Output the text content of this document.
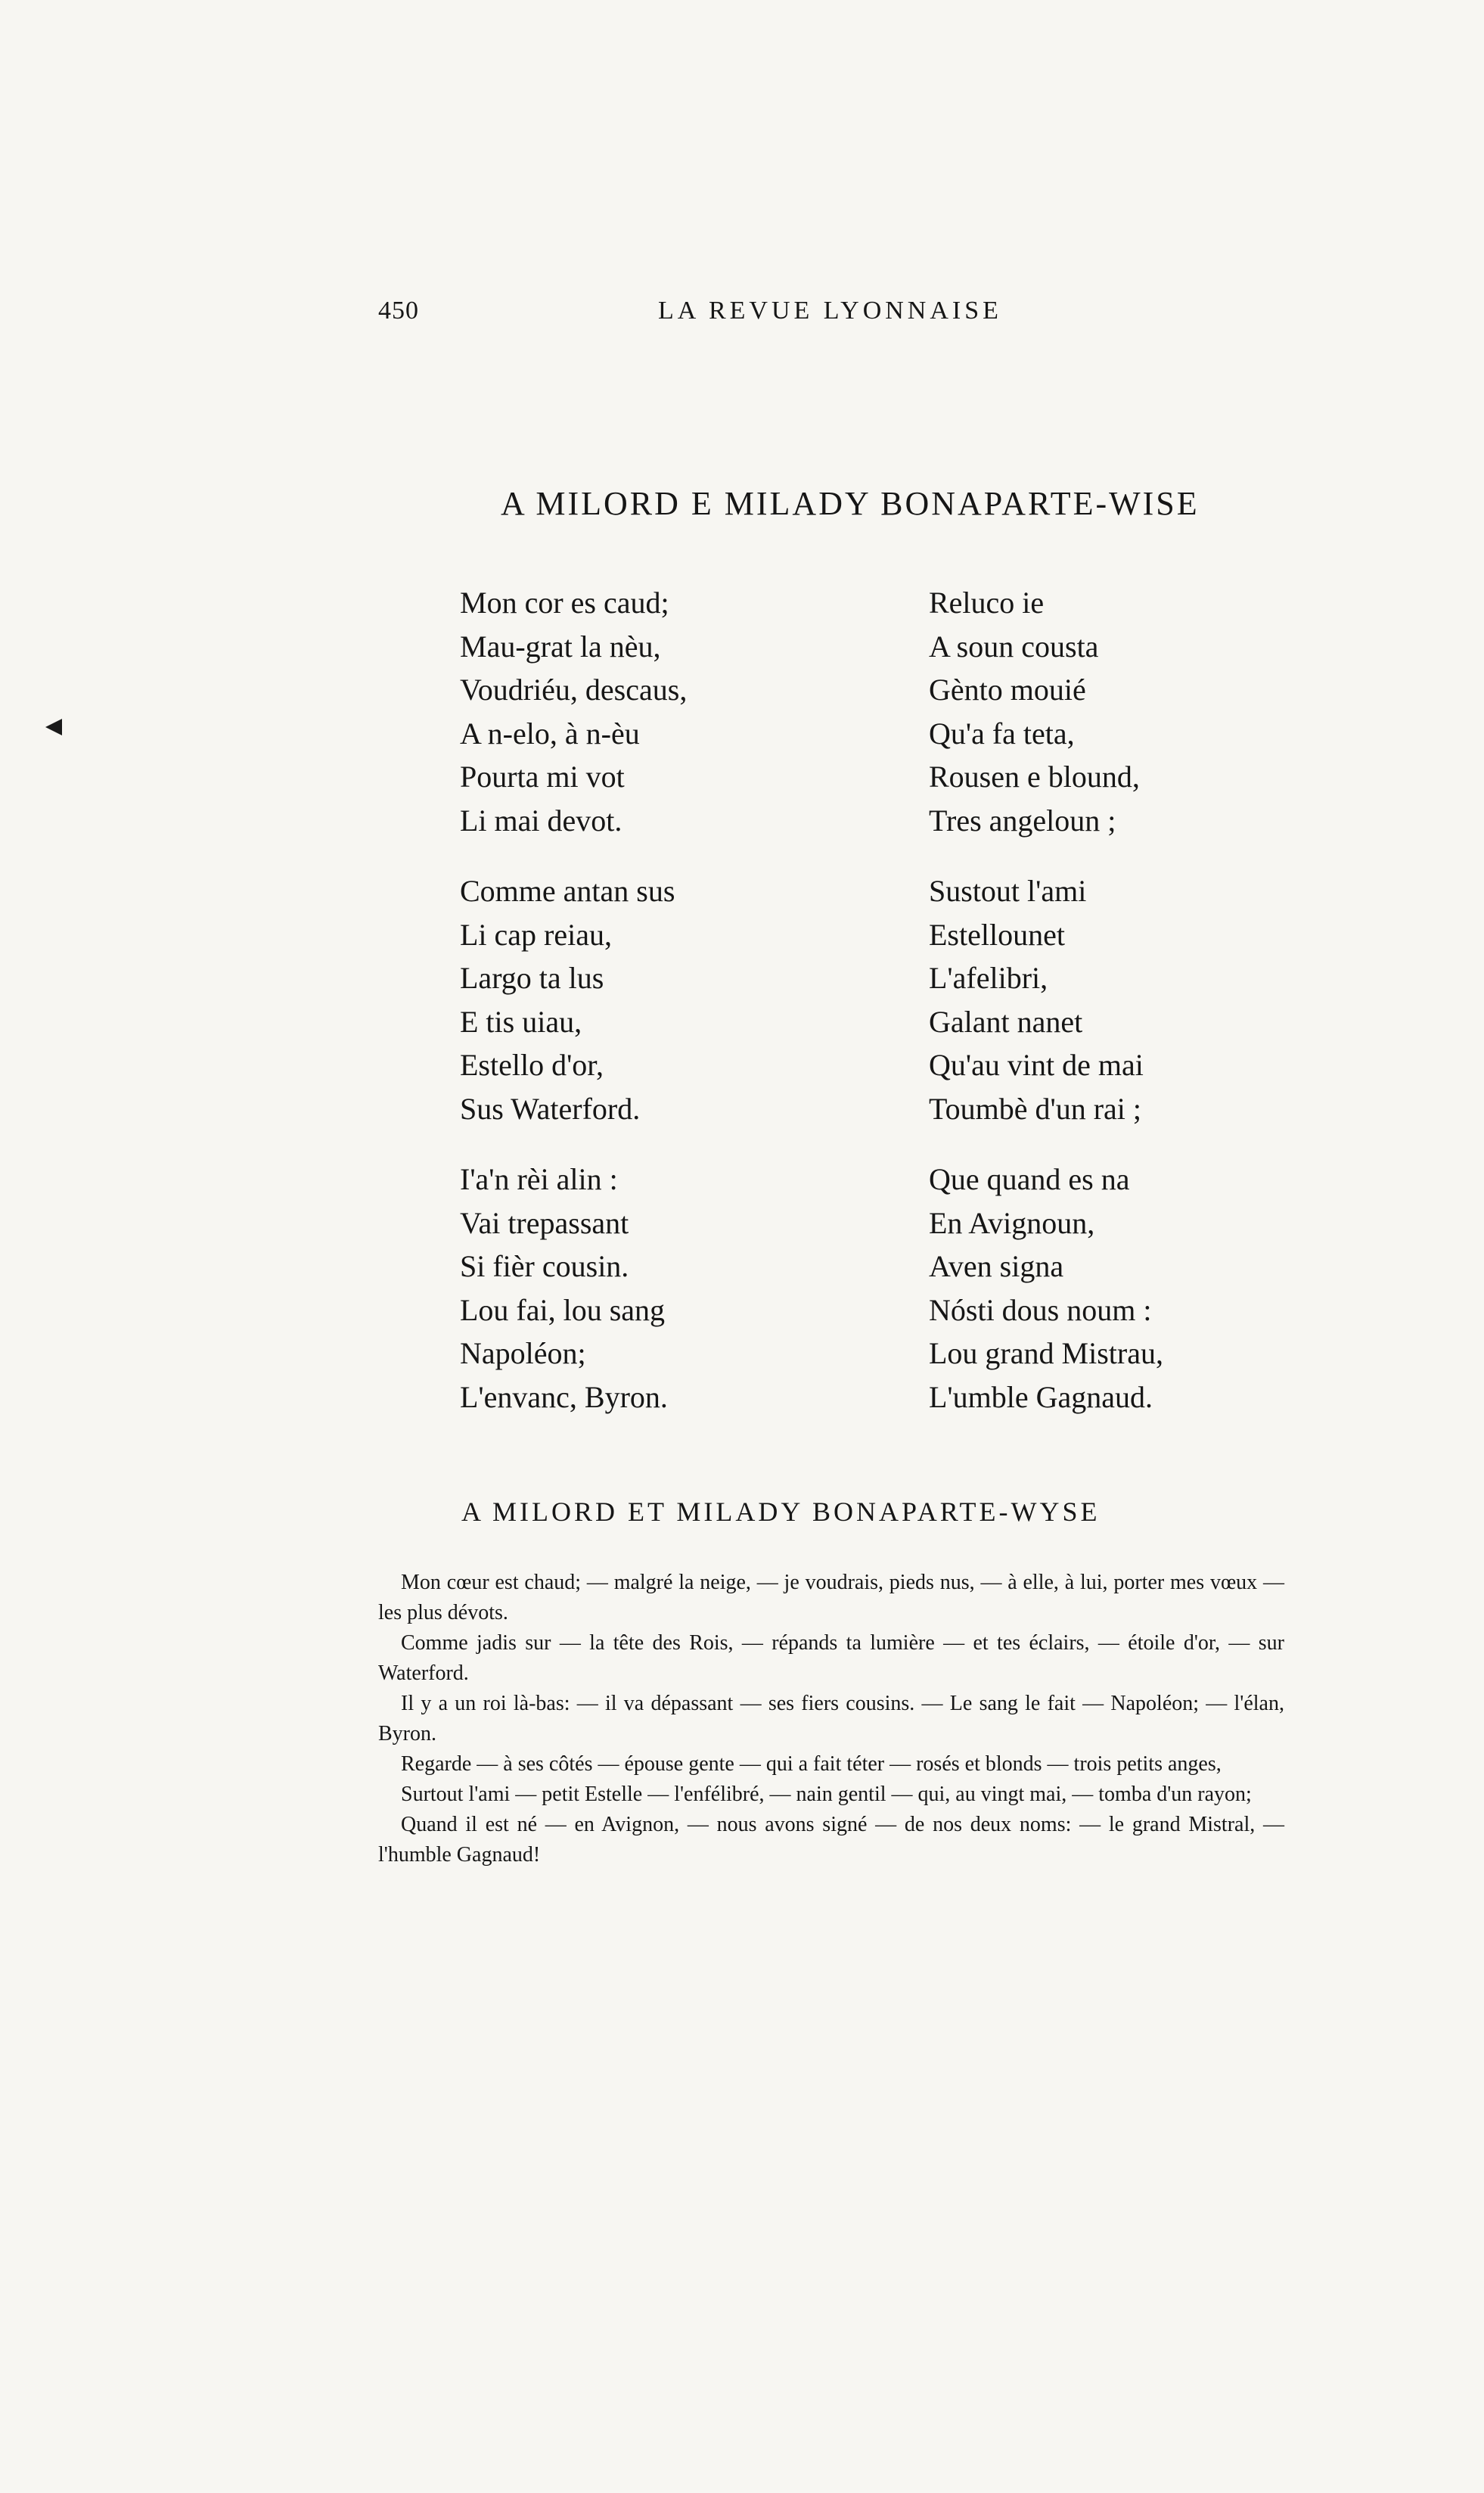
450	LA REVUE LYONNAISE
A MILORD E MILADY BONAPARTE-WISE
Mon cor es caud;
Mau-grat la nèu,
Voudriéu, descaus,
A n-elo, à n-èu
Pourta mi vot
Li mai devot.
Comme antan sus
Li cap reiau,
Largo ta lus
E tis uiau,
Estello d'or,
Sus Waterford.
I'a'n rèi alin :
Vai trepassant
Si fièr cousin.
Lou fai, lou sang
Napoléon;
L'envanc, Byron.
Reluco ie
A soun cousta
Gènto mouié
Qu'a fa teta,
Rousen e blound,
Tres angeloun ;
Sustout l'ami
Estellounet
L'afelibri,
Galant nanet
Qu'au vint de mai
Toumbè d'un rai ;
Que quand es na
En Avignoun,
Aven signa
Nósti dous noum :
Lou grand Mistrau,
L'umble Gagnaud.
A MILORD ET MILADY BONAPARTE-WYSE

Mon cœur est chaud; — malgré la neige, — je voudrais, pieds nus, — à elle, à lui, porter mes vœux — les plus dévots.

Comme jadis sur — la tête des Rois, — répands ta lumière — et tes éclairs, — étoile d'or, — sur Waterford.

Il y a un roi là-bas: — il va dépassant — ses fiers cousins. — Le sang le fait — Napoléon; — l'élan, Byron.

Regarde — à ses côtés — épouse gente — qui a fait téter — rosés et blonds — trois petits anges,

Surtout l'ami — petit Estelle — l'enfélibré, — nain gentil — qui, au vingt mai, — tomba d'un rayon;

Quand il est né — en Avignon, — nous avons signé — de nos deux noms: — le grand Mistral, — l'humble Gagnaud!
